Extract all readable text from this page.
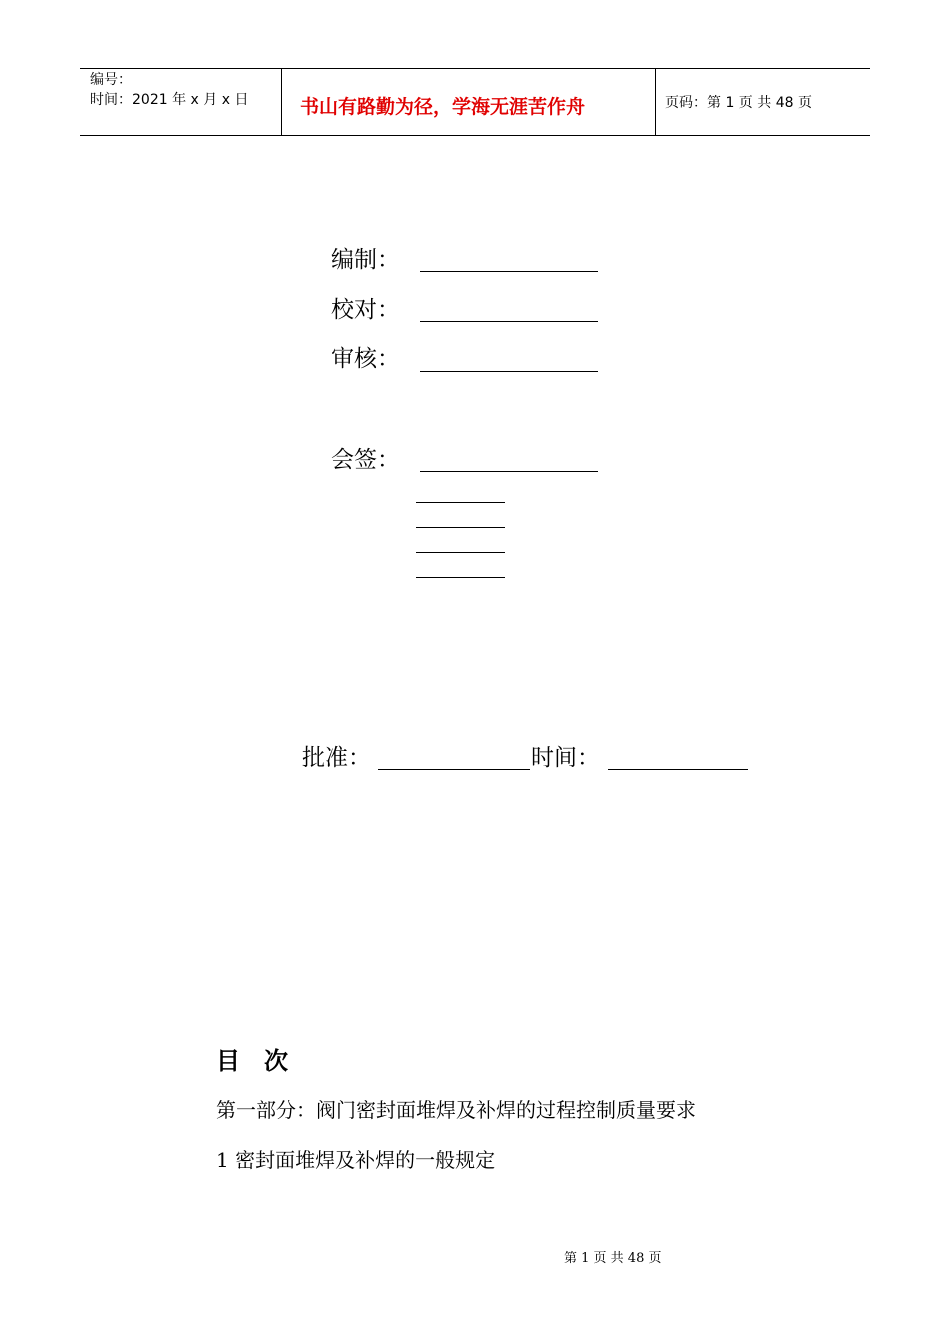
编号：
时间：2021 年 x 月 x 日	书山有路勤为径，学海无涯苦作舟	页码：第 1 页 共 48 页
编制：
校对：
审核：
会签：
批准：	时间：
目　次
第一部分：阀门密封面堆焊及补焊的过程控制质量要求
1 密封面堆焊及补焊的一般规定
第 1 页 共 48 页
